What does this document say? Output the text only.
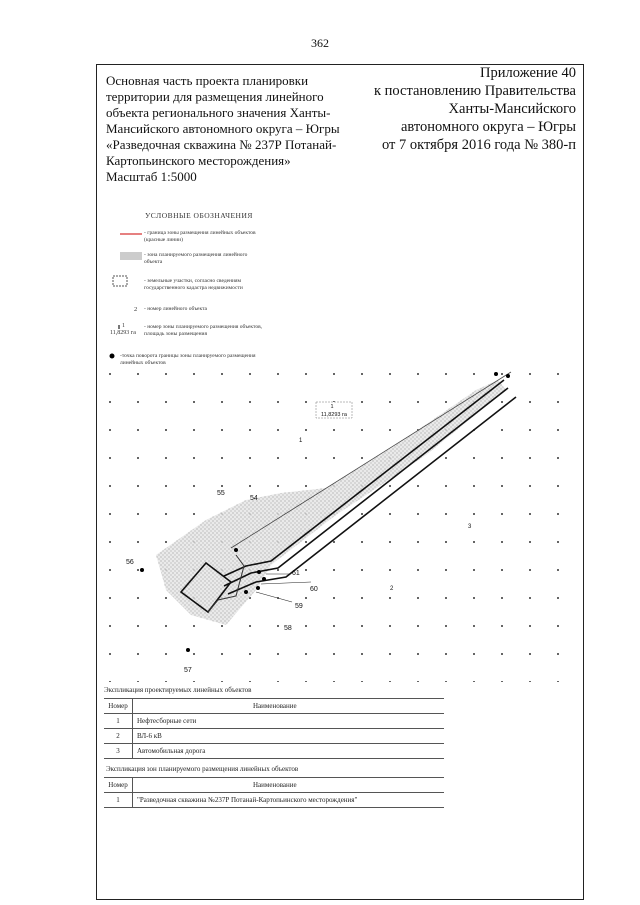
362
Основная часть проекта планировки
территории для размещения линейного
объекта регионального значения Ханты-
Мансийского автономного округа – Югры
«Разведочная скважина № 237Р Потанай-
Картопьинского месторождения»
Масштаб 1:5000
Приложение 40
к постановлению Правительства
Ханты-Мансийского
автономного округа – Югры
от 7 октября 2016 года № 380-п
УСЛОВНЫЕ ОБОЗНАЧЕНИЯ
- граница зоны размещения линейных объектов (красные линии)
- зона планируемого размещения линейного объекта
- земельные участки, согласно сведениям государственного кадастра недвижимости
2 - номер линейного объекта
1
11,8293 га
- номер зоны планируемого размещения объектов, площадь зоны размещения
-точка поворота границы зоны планируемого размещения
1
11,8293 га
54
55
56
57
58
59
60
61
1
2
3
Экспликация проектируемых линейных объектов
Номер	Наименование
1	Нефтесборные сети
2	ВЛ-6 кВ
3	Автомобильная дорога
Экспликация зон планируемого размещения линейных объектов
Номер	Наименование
1	"Разведочная скважина №237Р Потанай-Картопьинского месторождения"
